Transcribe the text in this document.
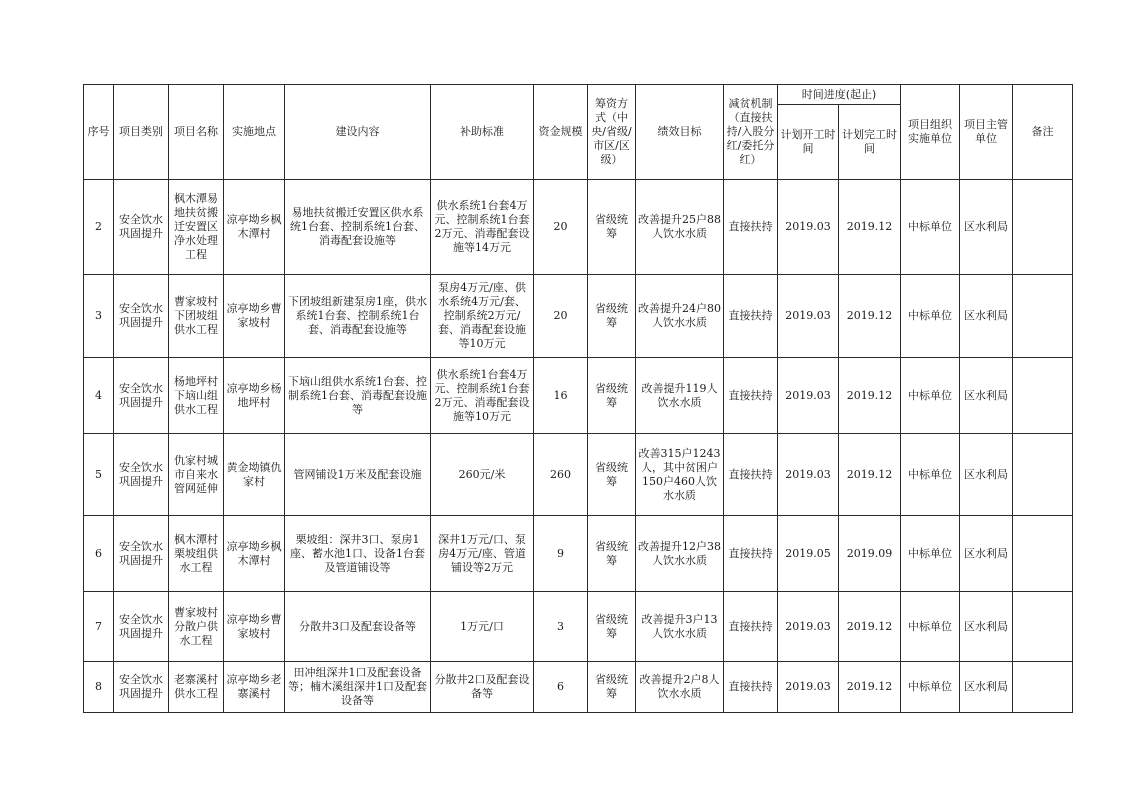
序号	项目类别	项目名称	实施地点	建设内容	补助标准	资金规模	筹资方式（中央/省级/市区/区级）	绩效目标	减贫机制（直接扶持/入股分红/委托分红）	时间进度(起止)		项目组织实施单位	项目主管单位	备注
										计划开工时间	计划完工时间			
2	安全饮水巩固提升	枫木潭易地扶贫搬迁安置区净水处理工程	凉亭坳乡枫木潭村	易地扶贫搬迁安置区供水系统1台套、控制系统1台套、消毒配套设施等	供水系统1台套4万元、控制系统1台套2万元、消毒配套设施等14万元	20	省级统筹	改善提升25户88人饮水水质	直接扶持	2019.03	2019.12	中标单位	区水利局	
3	安全饮水巩固提升	曹家坡村下团坡组供水工程	凉亭坳乡曹家坡村	下团坡组新建泵房1座，供水系统1台套、控制系统1台套、消毒配套设施等	泵房4万元/座、供水系统4万元/套、控制系统2万元/套、消毒配套设施等10万元	20	省级统筹	改善提升24户80人饮水水质	直接扶持	2019.03	2019.12	中标单位	区水利局	
4	安全饮水巩固提升	杨地坪村下垴山组供水工程	凉亭坳乡杨地坪村	下垴山组供水系统1台套、控制系统1台套、消毒配套设施等	供水系统1台套4万元、控制系统1台套2万元、消毒配套设施等10万元	16	省级统筹	改善提升119人饮水水质	直接扶持	2019.03	2019.12	中标单位	区水利局	
5	安全饮水巩固提升	仇家村城市自来水管网延伸	黄金坳镇仇家村	管网铺设1万米及配套设施	260元/米	260	省级统筹	改善315户1243人，其中贫困户150户460人饮水水质	直接扶持	2019.03	2019.12	中标单位	区水利局	
6	安全饮水巩固提升	枫木潭村栗坡组供水工程	凉亭坳乡枫木潭村	栗坡组：深井3口、泵房1座、蓄水池1口、设备1台套及管道铺设等	深井1万元/口、泵房4万元/座、管道铺设等2万元	9	省级统筹	改善提升12户38人饮水水质	直接扶持	2019.05	2019.09	中标单位	区水利局	
7	安全饮水巩固提升	曹家坡村分散户供水工程	凉亭坳乡曹家坡村	分散井3口及配套设备等	1万元/口	3	省级统筹	改善提升3户13人饮水水质	直接扶持	2019.03	2019.12	中标单位	区水利局	
8	安全饮水巩固提升	老寨溪村供水工程	凉亭坳乡老寨溪村	田冲组深井1口及配套设备等；楠木溪组深井1口及配套设备等	分散井2口及配套设备等	6	省级统筹	改善提升2户8人饮水水质	直接扶持	2019.03	2019.12	中标单位	区水利局	
